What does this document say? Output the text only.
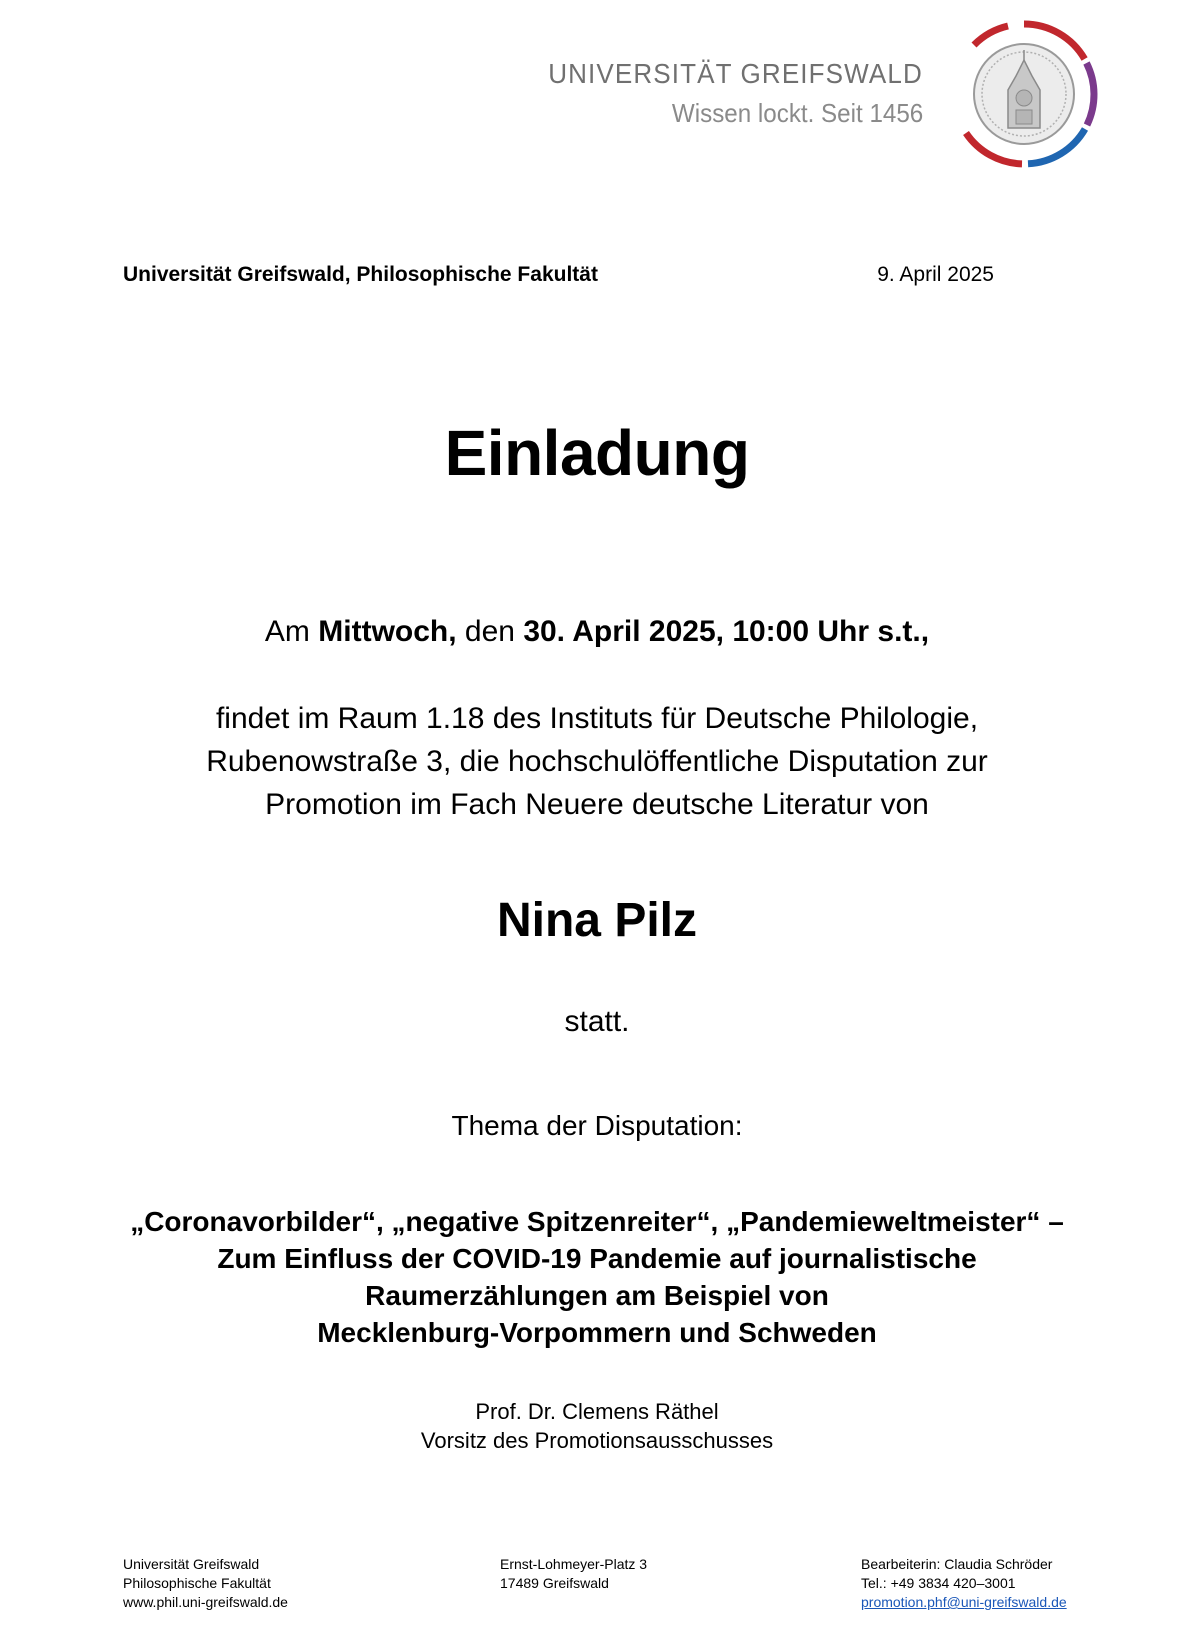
UNIVERSITÄT GREIFSWALD
Wissen lockt. Seit 1456
Universität Greifswald, Philosophische Fakultät	9. April 2025
Einladung
Am Mittwoch, den 30. April 2025, 10:00 Uhr s.t.,
findet im Raum 1.18 des Instituts für Deutsche Philologie,
Rubenowstraße 3, die hochschulöffentliche Disputation zur
Promotion im Fach Neuere deutsche Literatur von
Nina Pilz
statt.
Thema der Disputation:
„Coronavorbilder“, „negative Spitzenreiter“, „Pandemieweltmeister“ –
Zum Einfluss der COVID-19 Pandemie auf journalistische
Raumerzählungen am Beispiel von
Mecklenburg-Vorpommern und Schweden
Prof. Dr. Clemens Räthel
Vorsitz des Promotionsausschusses
Universität Greifswald
Philosophische Fakultät
www.phil.uni-greifswald.de
Ernst-Lohmeyer-Platz 3
17489 Greifswald
Bearbeiterin: Claudia Schröder
Tel.: +49 3834 420–3001
promotion.phf@uni-greifswald.de
